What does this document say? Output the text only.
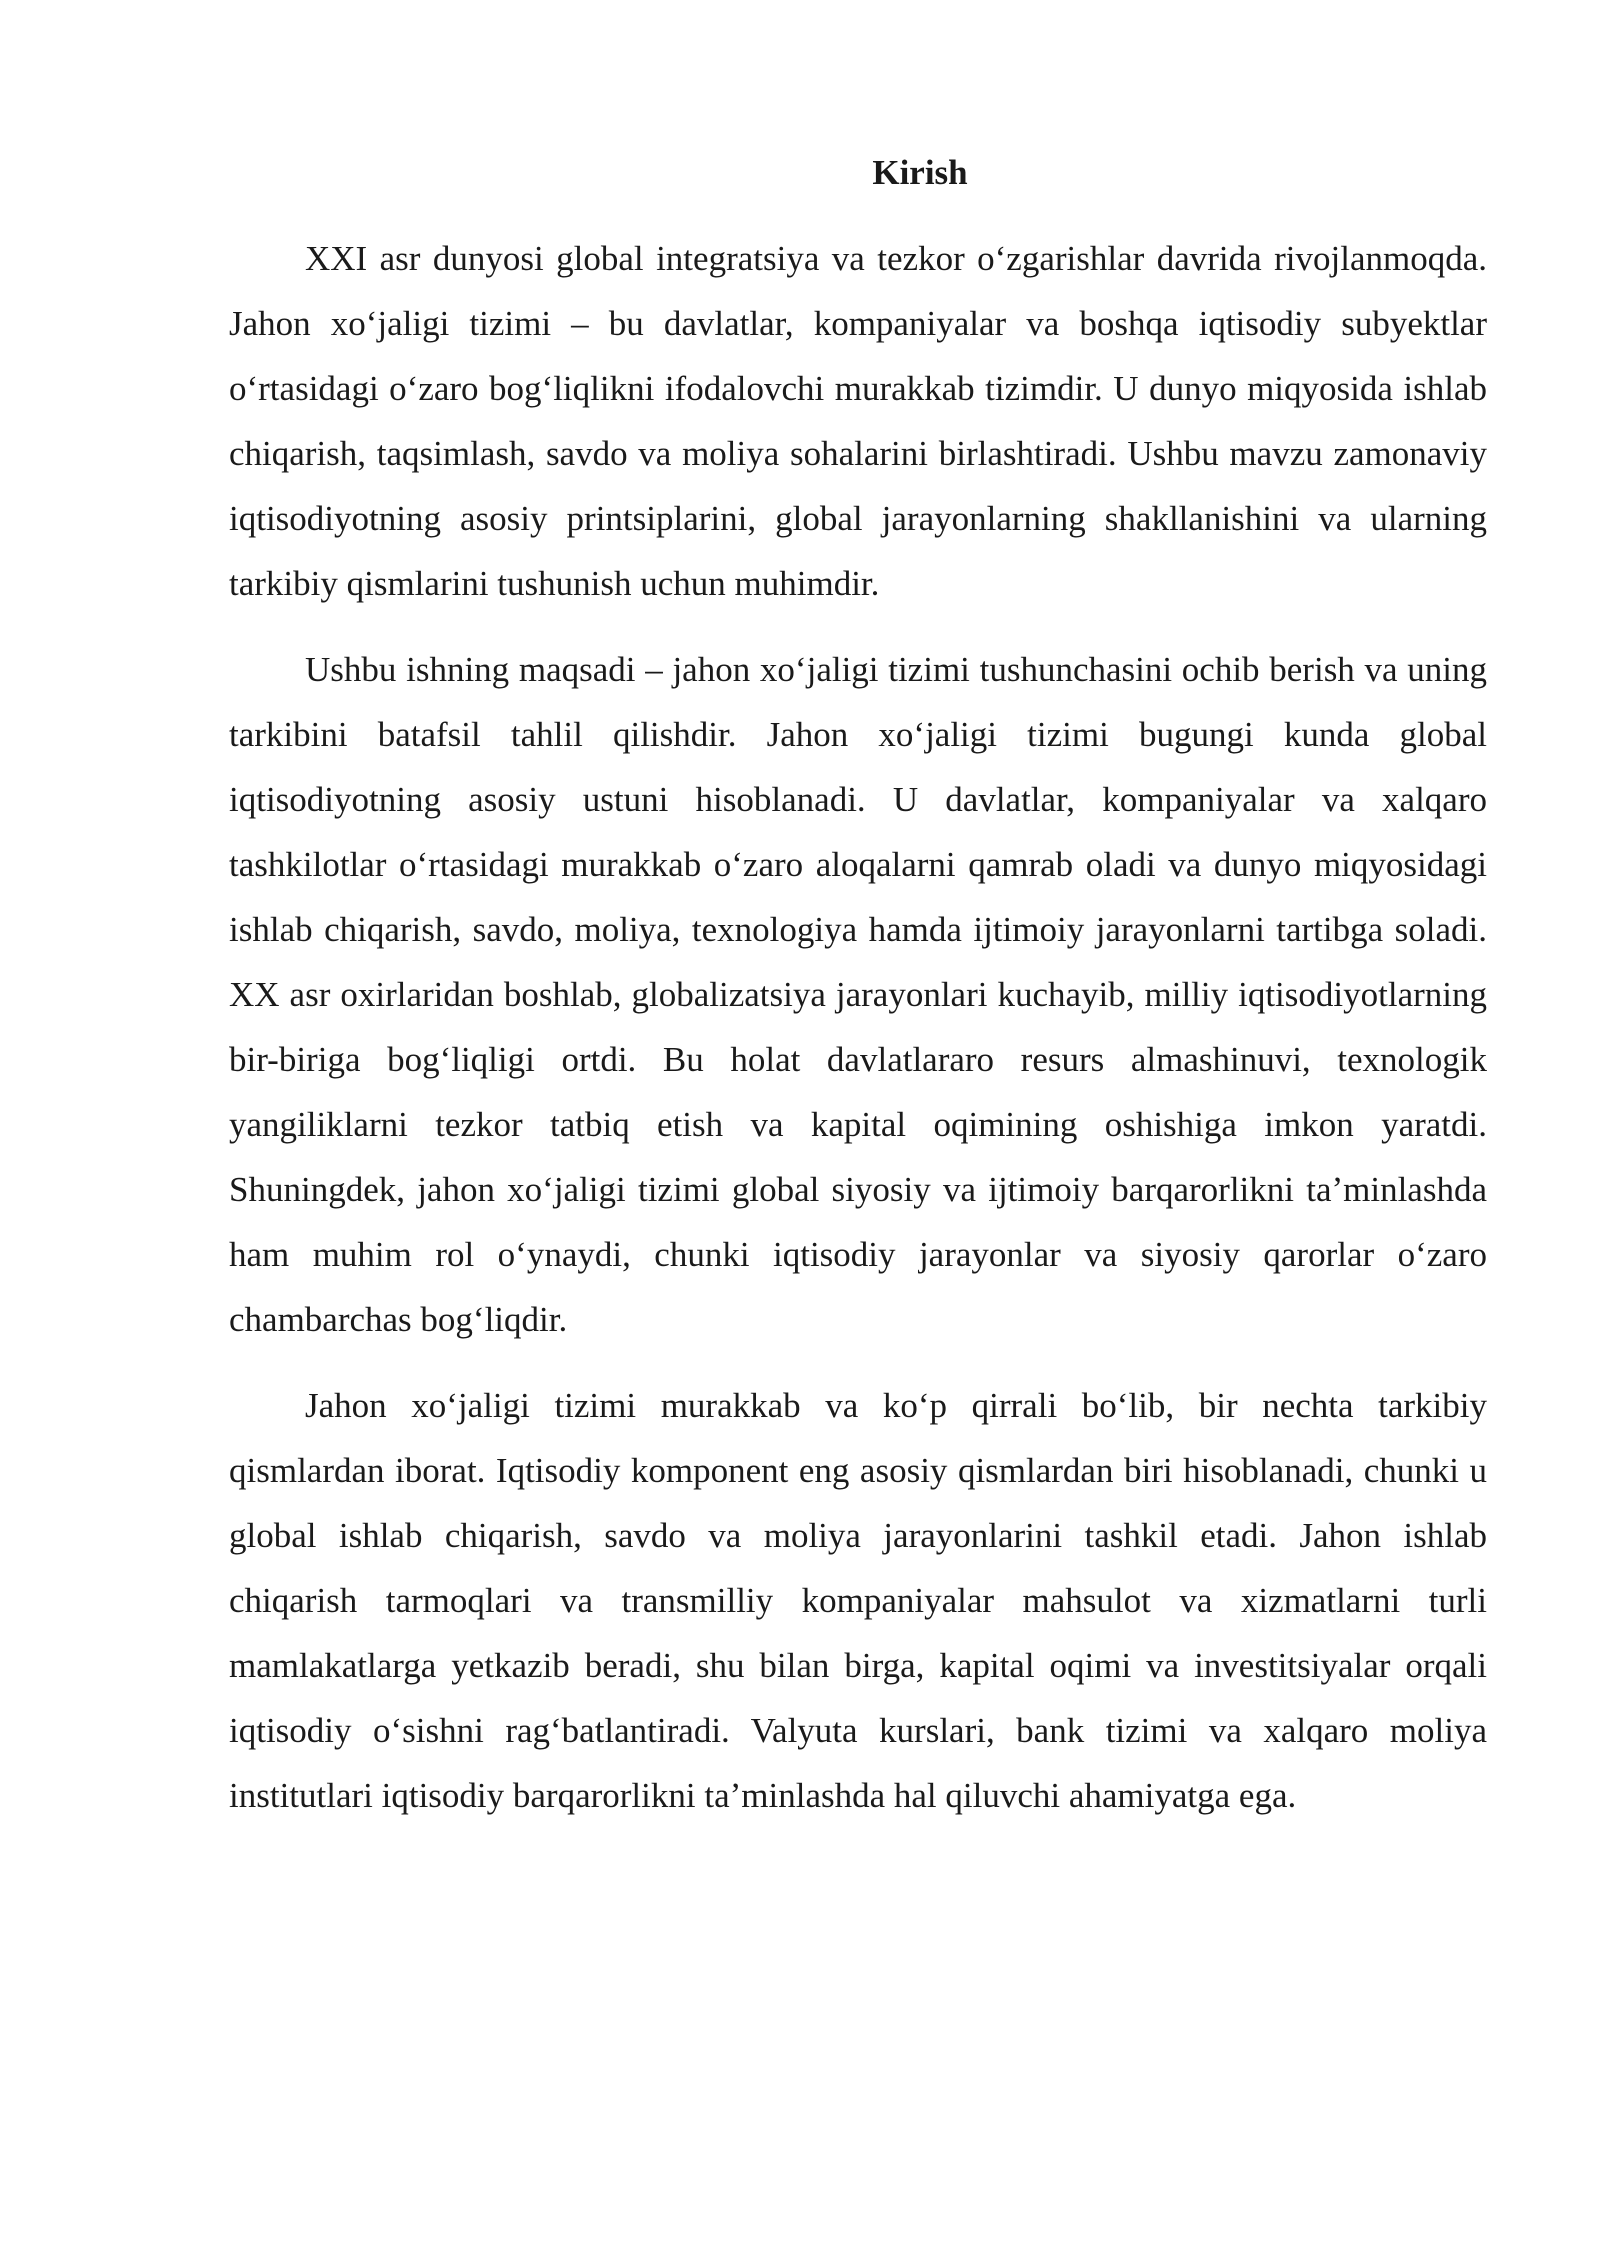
Kirish

XXI asr dunyosi global integratsiya va tezkor oʻzgarishlar davrida rivojlanmoqda. Jahon xoʻjaligi tizimi – bu davlatlar, kompaniyalar va boshqa iqtisodiy subyektlar oʻrtasidagi oʻzaro bogʻliqlikni ifodalovchi murakkab tizimdir. U dunyo miqyosida ishlab chiqarish, taqsimlash, savdo va moliya sohalarini birlashtiradi. Ushbu mavzu zamonaviy iqtisodiyotning asosiy printsiplarini, global jarayonlarning shakllanishini va ularning tarkibiy qismlarini tushunish uchun muhimdir.

Ushbu ishning maqsadi – jahon xoʻjaligi tizimi tushunchasini ochib berish va uning tarkibini batafsil tahlil qilishdir. Jahon xoʻjaligi tizimi bugungi kunda global iqtisodiyotning asosiy ustuni hisoblanadi. U davlatlar, kompaniyalar va xalqaro tashkilotlar oʻrtasidagi murakkab oʻzaro aloqalarni qamrab oladi va dunyo miqyosidagi ishlab chiqarish, savdo, moliya, texnologiya hamda ijtimoiy jarayonlarni tartibga soladi. XX asr oxirlaridan boshlab, globalizatsiya jarayonlari kuchayib, milliy iqtisodiyotlarning bir-biriga bogʻliqligi ortdi. Bu holat davlatlararo resurs almashinuvi, texnologik yangiliklarni tezkor tatbiq etish va kapital oqimining oshishiga imkon yaratdi. Shuningdek, jahon xoʻjaligi tizimi global siyosiy va ijtimoiy barqarorlikni taʼminlashda ham muhim rol oʻynaydi, chunki iqtisodiy jarayonlar va siyosiy qarorlar oʻzaro chambarchas bogʻliqdir.

Jahon xoʻjaligi tizimi murakkab va koʻp qirrali boʻlib, bir nechta tarkibiy qismlardan iborat. Iqtisodiy komponent eng asosiy qismlardan biri hisoblanadi, chunki u global ishlab chiqarish, savdo va moliya jarayonlarini tashkil etadi. Jahon ishlab chiqarish tarmoqlari va transmilliy kompaniyalar mahsulot va xizmatlarni turli mamlakatlarga yetkazib beradi, shu bilan birga, kapital oqimi va investitsiyalar orqali iqtisodiy oʻsishni ragʻbatlantiradi. Valyuta kurslari, bank tizimi va xalqaro moliya institutlari iqtisodiy barqarorlikni taʼminlashda hal qiluvchi ahamiyatga ega.
